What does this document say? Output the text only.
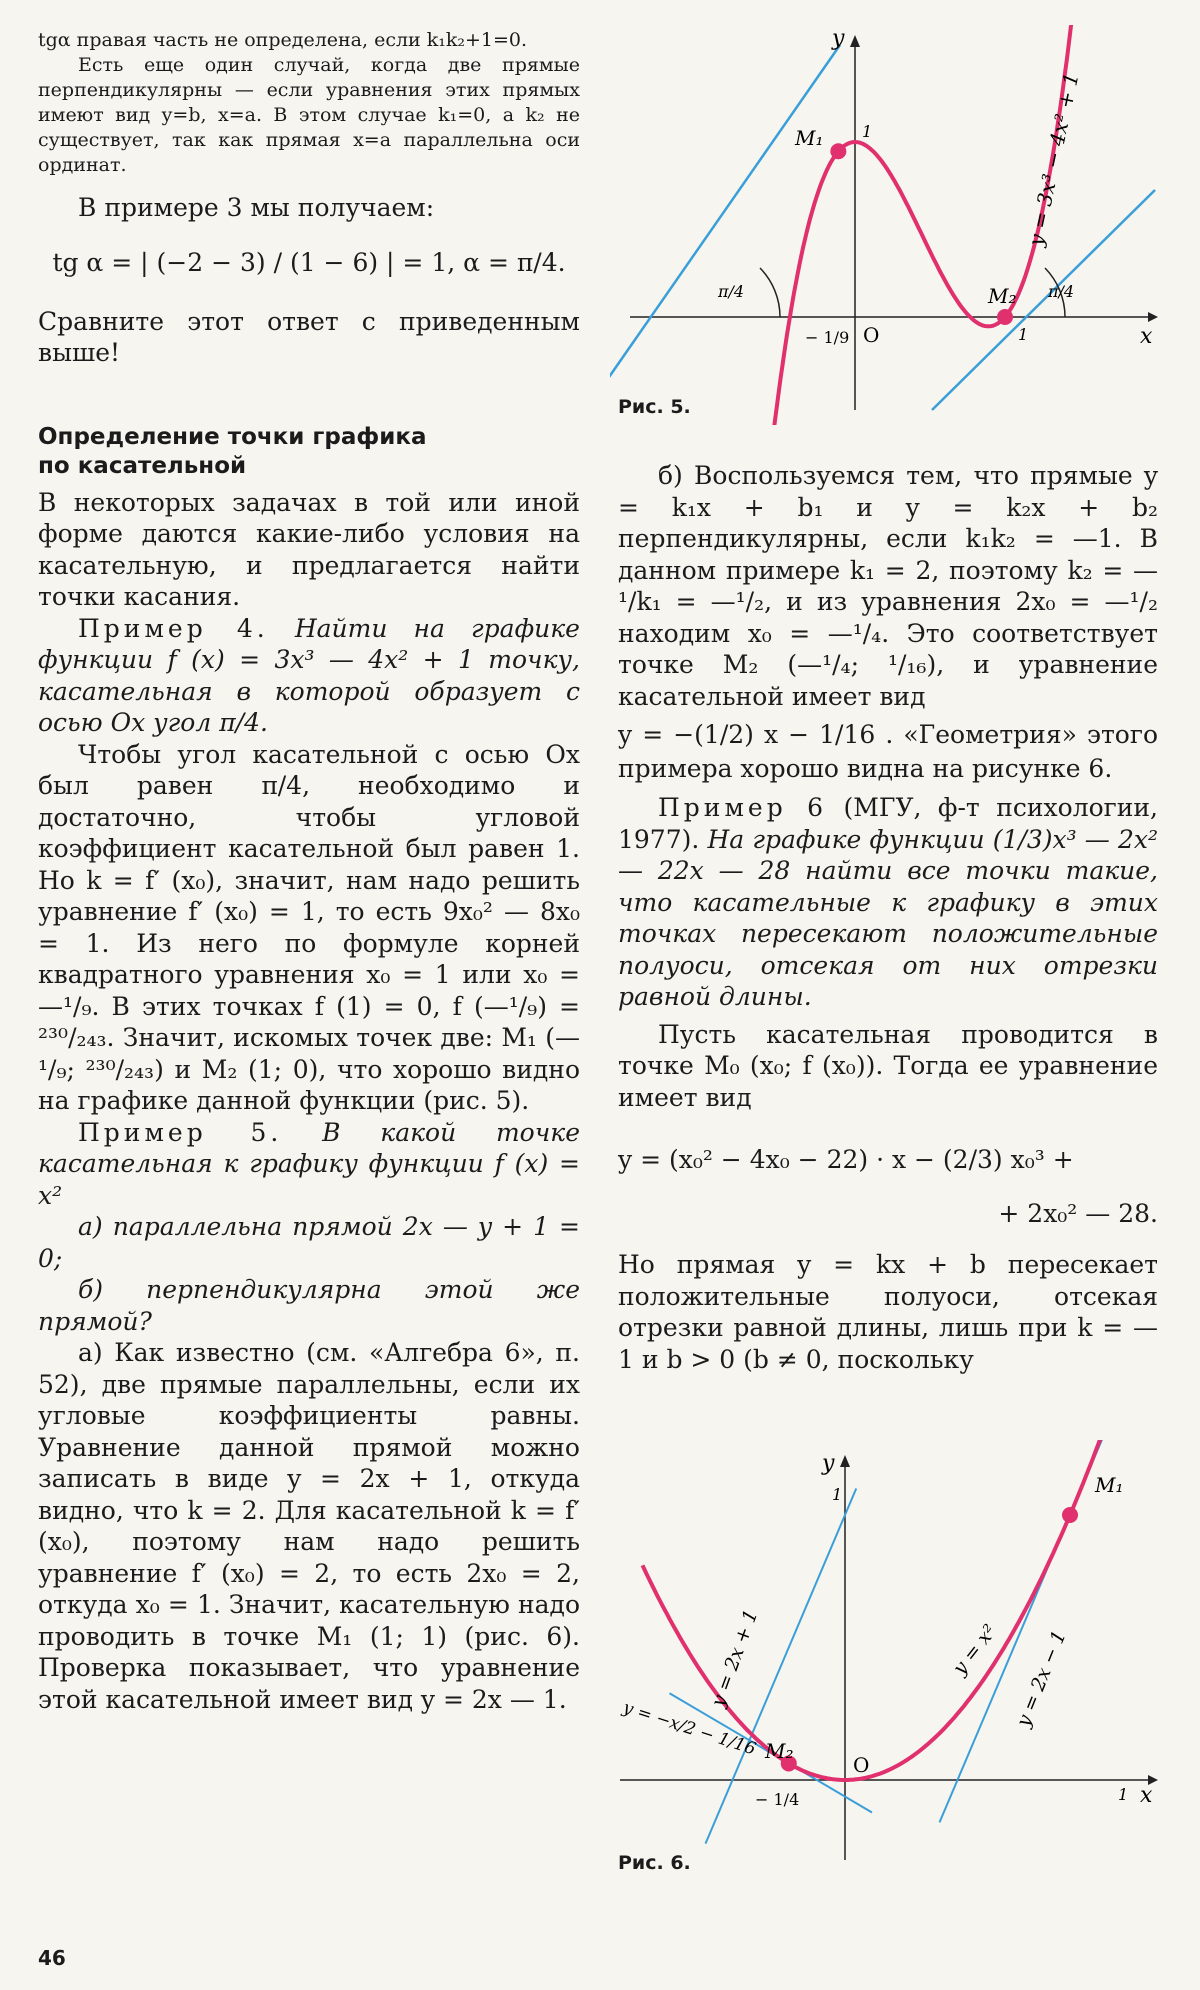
tgα правая часть не определена, если k₁k₂+1=0.

Есть еще один случай, когда две прямые перпендикулярны — если уравнения этих прямых имеют вид y=b, x=a. В этом случае k₁=0, а k₂ не существует, так как прямая x=a параллельна оси ординат.

В примере 3 мы получаем:

tg α = | (−2 − 3) / (1 − 6) | = 1, α = π/4.

Сравните этот ответ с приведенным выше!

Определение точки графика по касательной

В некоторых задачах в той или иной форме даются какие-либо условия на касательную, и предлагается найти точки касания.

Пример 4. Найти на графике функции f (x) = 3x³ — 4x² + 1 точку, касательная в которой образует с осью Ox угол π/4.

Чтобы угол касательной с осью Ox был равен π/4, необходимо и достаточно, чтобы угловой коэффициент касательной был равен 1. Но k = f′ (x₀), значит, нам надо решить уравнение f′ (x₀) = 1, то есть 9x₀² — 8x₀ = 1. Из него по формуле корней квадратного уравнения x₀ = 1 или x₀ = —¹/₉. В этих точках f (1) = 0, f (—¹/₉) = ²³⁰/₂₄₃. Значит, искомых точек две: M₁ (—¹/₉; ²³⁰/₂₄₃) и M₂ (1; 0), что хорошо видно на графике данной функции (рис. 5).

Пример 5. В какой точке касательная к графику функции f (x) = x²

а) параллельна прямой 2x — y + 1 = 0;

б) перпендикулярна этой же прямой?

а) Как известно (см. «Алгебра 6», п. 52), две прямые параллельны, если их угловые коэффициенты равны. Уравнение данной прямой можно записать в виде y = 2x + 1, откуда видно, что k = 2. Для касательной k = f′ (x₀), поэтому нам надо решить уравнение f′ (x₀) = 2, то есть 2x₀ = 2, откуда x₀ = 1. Значит, касательную надо проводить в точке M₁ (1; 1) (рис. 6). Проверка показывает, что уравнение этой касательной имеет вид y = 2x — 1.

x
y
O
M₁
M₂
1
1
− 1/9
π/4	π/4
y = 3x³ − 4x² + 1
Рис. 5.

б) Воспользуемся тем, что прямые y = k₁x + b₁ и y = k₂x + b₂ перпендикулярны, если k₁k₂ = —1. В данном примере k₁ = 2, поэтому k₂ = —¹/k₁ = —¹/₂, и из уравнения 2x₀ = —¹/₂ находим x₀ = —¹/₄. Это соответствует точке M₂ (—¹/₄; ¹/₁₆), и уравнение касательной имеет вид

y = −(1/2) x − 1/16 . «Геометрия» этого примера хорошо видна на рисунке 6.

Пример 6 (МГУ, ф-т психологии, 1977). На графике функции (1/3)x³ — 2x² — 22x — 28 найти все точки такие, что касательные к графику в этих точках пересекают положительные полуоси, отсекая от них отрезки равной длины.

Пусть касательная проводится в точке M₀ (x₀; f (x₀)). Тогда ее уравнение имеет вид

y = (x₀² − 4x₀ − 22) · x − (2/3) x₀³ +

+ 2x₀² — 28.

Но прямая y = kx + b пересекает положительные полуоси, отсекая отрезки равной длины, лишь при k = —1 и b > 0 (b ≠ 0, поскольку

x
y
O
M₁
M₂
1
1
− 1/4
y = 2x + 1	y = 2x − 1
y = x²
y = −x/2 − 1/16
Рис. 6.
46
